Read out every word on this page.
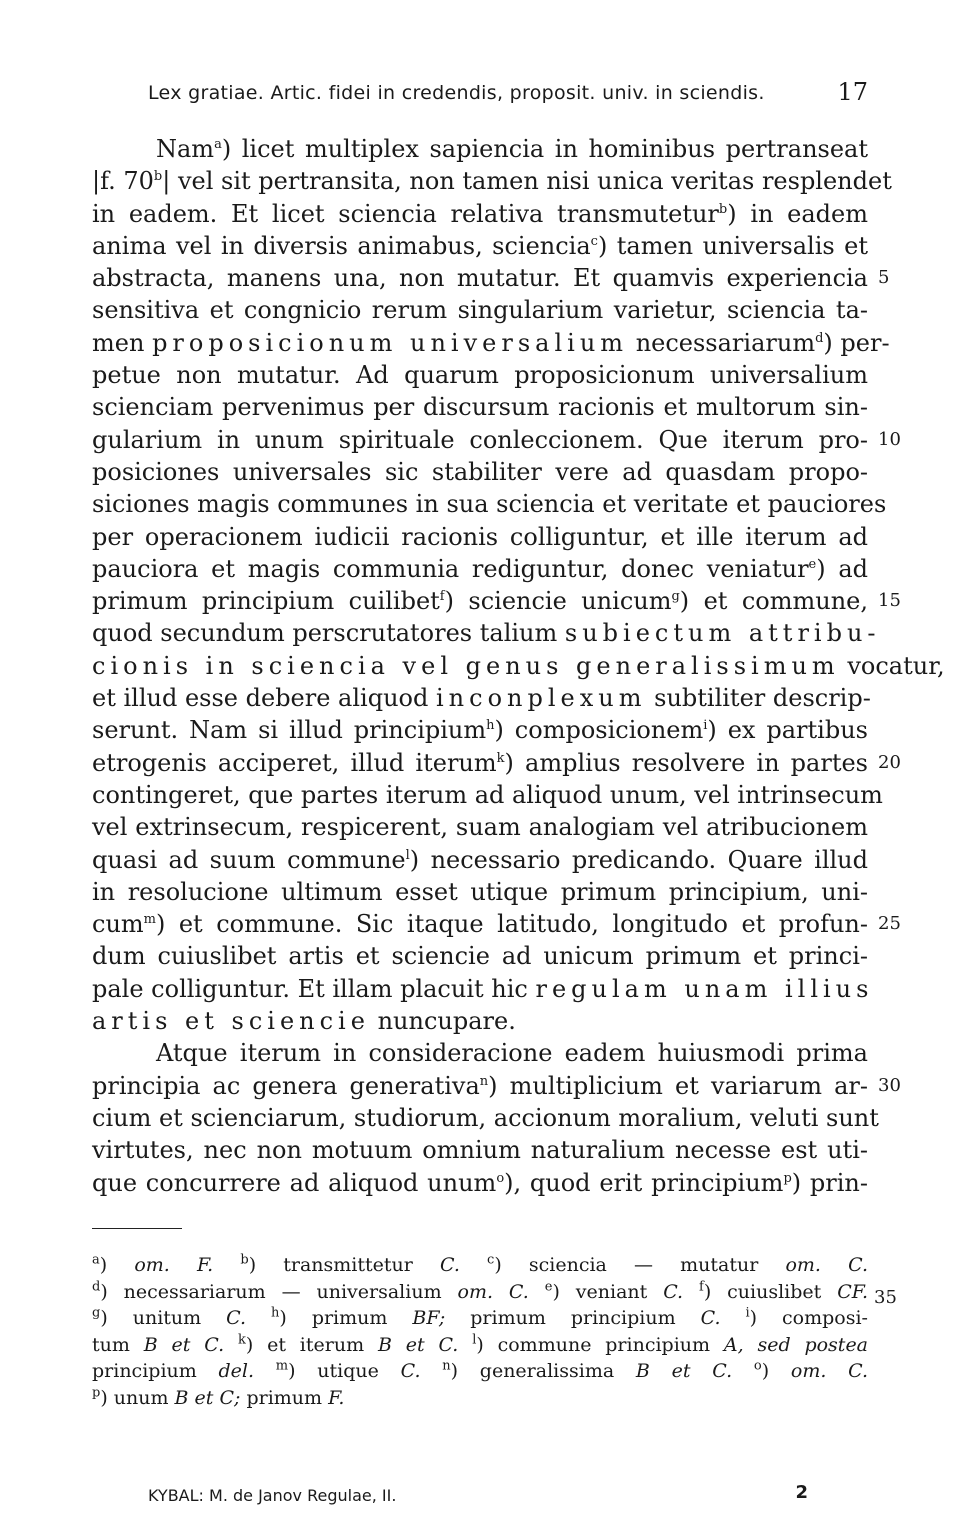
Lex gratiae. Artic. fidei in credendis, proposit. univ. in sciendis.	17
Nam$^a$) licet multiplex sapiencia in hominibus pertranseat
|f. 70$^b$| vel sit pertransita, non tamen nisi unica veritas resplendet
in eadem. Et licet sciencia relativa transmutetur$^b$) in eadem
anima vel in diversis animabus, sciencia$^c$) tamen universalis et
abstracta, manens una, non mutatur. Et quamvis experiencia 5
sensitiva et congnicio rerum singularium varietur, sciencia ta-
men proposicionum universalium necessariarum$^d$) per-
petue non mutatur. Ad quarum proposicionum universalium
scienciam pervenimus per discursum racionis et multorum sin-
gularium in unum spirituale conleccionem. Que iterum pro- 10
posiciones universales sic stabiliter vere ad quasdam propo-
siciones magis communes in sua sciencia et veritate et pauciores
per operacionem iudicii racionis colliguntur, et ille iterum ad
pauciora et magis communia rediguntur, donec veniatur$^e$) ad
primum principium cuilibet$^f$) sciencie unicum$^g$) et commune, 15
quod secundum perscrutatores talium subiectum attribu-
cionis in sciencia vel genus generalissimum vocatur,
et illud esse debere aliquod inconplexum subtiliter descrip-
serunt. Nam si illud principium$^h$) composicionem$^i$) ex partibus
etrogenis acciperet, illud iterum$^k$) amplius resolvere in partes 20
contingeret, que partes iterum ad aliquod unum, vel intrinsecum
vel extrinsecum, respicerent, suam analogiam vel atribucionem
quasi ad suum commune$^l$) necessario predicando. Quare illud
in resolucione ultimum esset utique primum principium, uni-
cum$^m$) et commune. Sic itaque latitudo, longitudo et profun- 25
dum cuiuslibet artis et sciencie ad unicum primum et princi-
pale colliguntur. Et illam placuit hic regulam unam illius
artis et sciencie nuncupare.
Atque iterum in consideracione eadem huiusmodi prima
principia ac genera generativa$^n$) multiplicium et variarum ar- 30
cium et scienciarum, studiorum, accionum moralium, veluti sunt
virtutes, nec non motuum omnium naturalium necesse est uti-
que concurrere ad aliquod unum$^o$), quod erit principium$^p$) prin-
$^a$) om. F. $^b$) transmittetur C. $^c$) sciencia — mutatur om. C.
$^d$) necessariarum — universalium om. C. $^e$) veniant C. $^f$) cuiuslibet CF. 35
$^g$) unitum C. $^h$) primum BF; primum principium C. $^i$) composi-
tum B et C. $^k$) et iterum B et C. $^l$) commune principium A, sed postea
principium del. $^m$) utique C. $^n$) generalissima B et C. $^o$) om. C.
$^p$) unum B et C; primum F.
KYBAL: M. de Janov Regulae, II.	2
